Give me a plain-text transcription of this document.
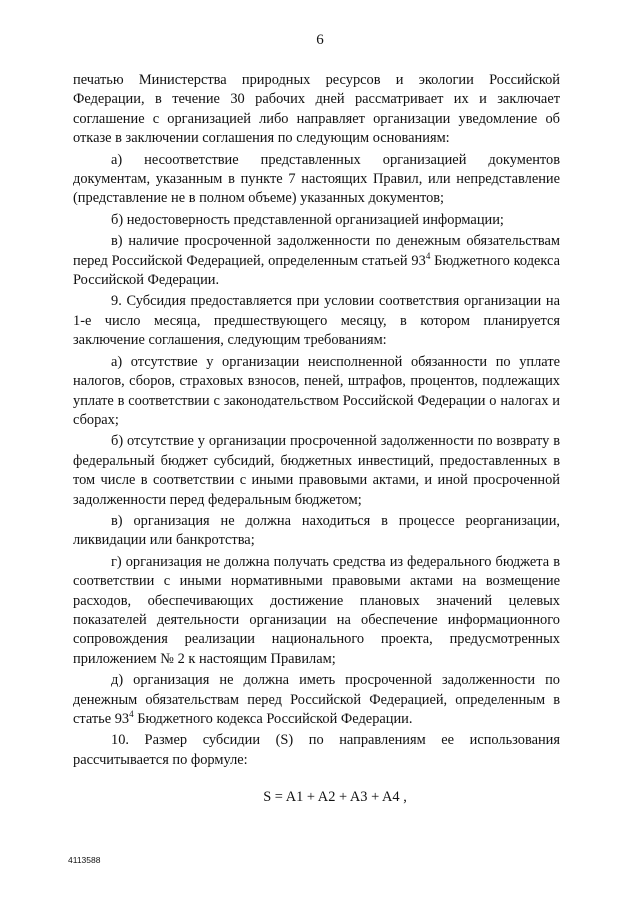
6

печатью Министерства природных ресурсов и экологии Российской Федерации, в течение 30 рабочих дней рассматривает их и заключает соглашение с организацией либо направляет организации уведомление об отказе в заключении соглашения по следующим основаниям:

а) несоответствие представленных организацией документов документам, указанным в пункте 7 настоящих Правил, или непредставление (представление не в полном объеме) указанных документов;

б) недостоверность представленной организацией информации;

в) наличие просроченной задолженности по денежным обязательствам перед Российской Федерацией, определенным статьей $93^4$ Бюджетного кодекса Российской Федерации.

9. Субсидия предоставляется при условии соответствия организации на 1-е число месяца, предшествующего месяцу, в котором планируется заключение соглашения, следующим требованиям:

а) отсутствие у организации неисполненной обязанности по уплате налогов, сборов, страховых взносов, пеней, штрафов, процентов, подлежащих уплате в соответствии с законодательством Российской Федерации о налогах и сборах;

б) отсутствие у организации просроченной задолженности по возврату в федеральный бюджет субсидий, бюджетных инвестиций, предоставленных в том числе в соответствии с иными правовыми актами, и иной просроченной задолженности перед федеральным бюджетом;

в) организация не должна находиться в процессе реорганизации, ликвидации или банкротства;

г) организация не должна получать средства из федерального бюджета в соответствии с иными нормативными правовыми актами на возмещение расходов, обеспечивающих достижение плановых значений целевых показателей деятельности организации на обеспечение информационного сопровождения реализации национального проекта, предусмотренных приложением № 2 к настоящим Правилам;

д) организация не должна иметь просроченной задолженности по денежным обязательствам перед Российской Федерацией, определенным в статье $93^4$ Бюджетного кодекса Российской Федерации.

10. Размер субсидии (S) по направлениям ее использования рассчитывается по формуле:

S = A1 + A2 + A3 + A4 ,
4113588
